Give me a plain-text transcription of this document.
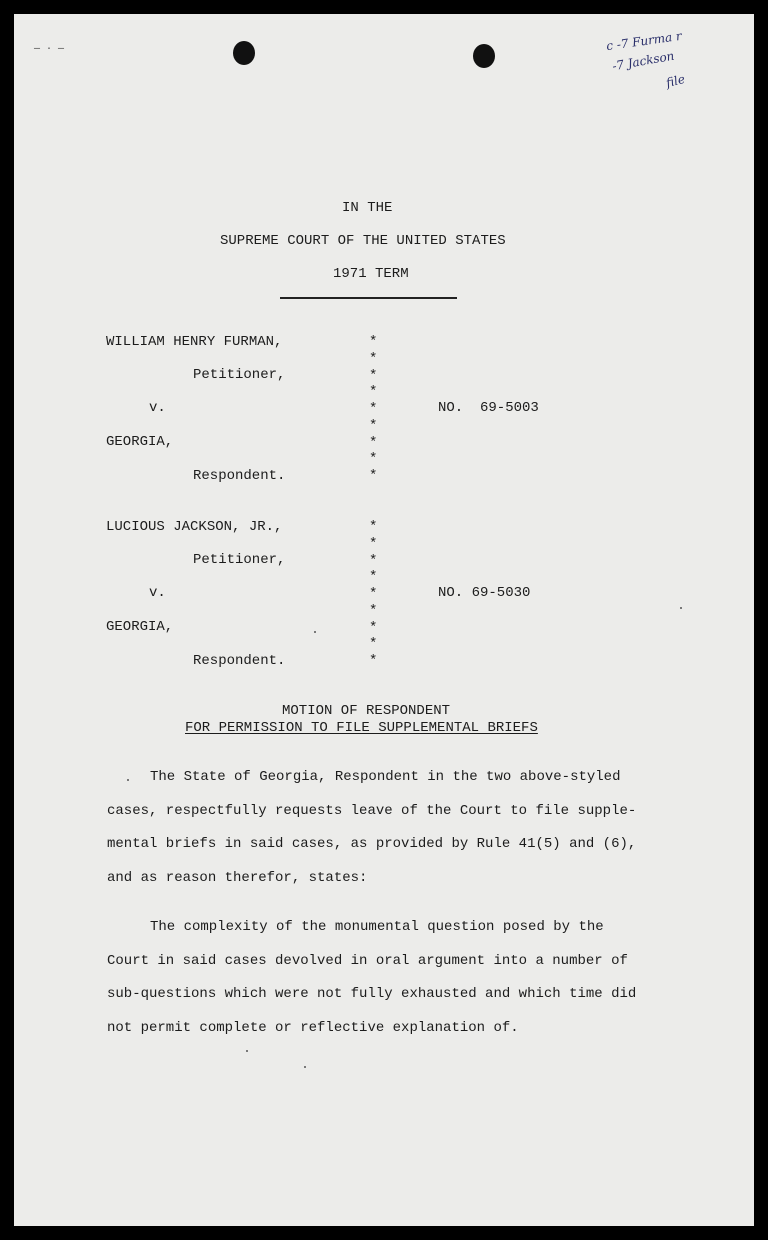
— · —	c -7 Furma r
-7 Jackson
file
IN THE
SUPREME COURT OF THE UNITED STATES
1971 TERM
WILLIAM HENRY FURMAN,
Petitioner,
v.
GEORGIA,
Respondent.
NO.  69-5003
*
*
*
*
*
*
*
*
*
LUCIOUS JACKSON, JR.,
Petitioner,
v.
GEORGIA,
Respondent.
NO. 69-5030
*
*
*
*
*
*
*
*
*
MOTION OF RESPONDENT
FOR PERMISSION TO FILE SUPPLEMENTAL BRIEFS
The State of Georgia, Respondent in the two above-styled
cases, respectfully requests leave of the Court to file supple-
mental briefs in said cases, as provided by Rule 41(5) and (6),
and as reason therefor, states:
The complexity of the monumental question posed by the
Court in said cases devolved in oral argument into a number of
sub-questions which were not fully exhausted and which time did
not permit complete or reflective explanation of.
